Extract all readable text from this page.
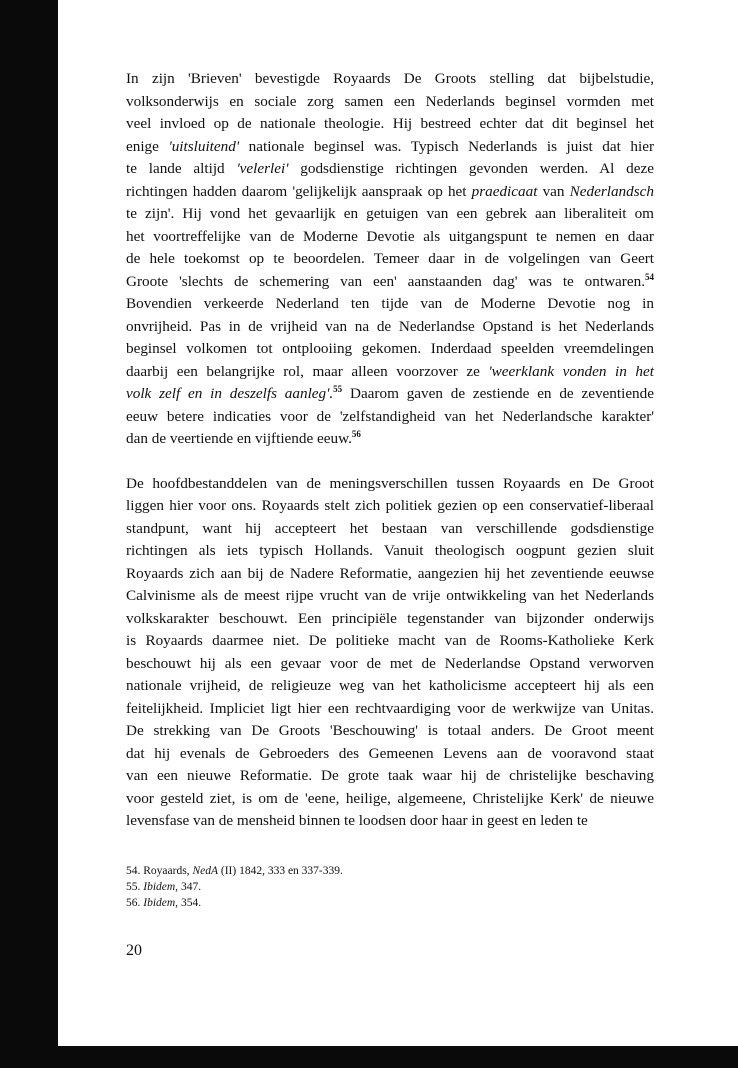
In zijn 'Brieven' bevestigde Royaards De Groots stelling dat bijbelstudie,
volksonderwijs en sociale zorg samen een Nederlands beginsel vormden met
veel invloed op de nationale theologie. Hij bestreed echter dat dit beginsel het
enige 'uitsluitend' nationale beginsel was. Typisch Nederlands is juist dat hier
te lande altijd 'velerlei' godsdienstige richtingen gevonden werden. Al deze
richtingen hadden daarom 'gelijkelijk aanspraak op het praedicaat van Nederlandsch
te zijn'. Hij vond het gevaarlijk en getuigen van een gebrek aan liberaliteit om
het voortreffelijke van de Moderne Devotie als uitgangspunt te nemen en daar
de hele toekomst op te beoordelen. Temeer daar in de volgelingen van Geert
Groote 'slechts de schemering van een' aanstaanden dag' was te ontwaren.$^{54}$
Bovendien verkeerde Nederland ten tijde van de Moderne Devotie nog in
onvrijheid. Pas in de vrijheid van na de Nederlandse Opstand is het Nederlands
beginsel volkomen tot ontplooiing gekomen. Inderdaad speelden vreemdelingen
daarbij een belangrijke rol, maar alleen voorzover ze 'weerklank vonden in het
volk zelf en in deszelfs aanleg'.$^{55}$ Daarom gaven de zestiende en de zeventiende
eeuw betere indicaties voor de 'zelfstandigheid van het Nederlandsche karakter'
dan de veertiende en vijftiende eeuw.$^{56}$

De hoofdbestanddelen van de meningsverschillen tussen Royaards en De Groot
liggen hier voor ons. Royaards stelt zich politiek gezien op een conservatief-liberaal
standpunt, want hij accepteert het bestaan van verschillende godsdienstige
richtingen als iets typisch Hollands. Vanuit theologisch oogpunt gezien sluit
Royaards zich aan bij de Nadere Reformatie, aangezien hij het zeventiende eeuwse
Calvinisme als de meest rijpe vrucht van de vrije ontwikkeling van het Nederlands
volkskarakter beschouwt. Een principiële tegenstander van bijzonder onderwijs
is Royaards daarmee niet. De politieke macht van de Rooms-Katholieke Kerk
beschouwt hij als een gevaar voor de met de Nederlandse Opstand verworven
nationale vrijheid, de religieuze weg van het katholicisme accepteert hij als een
feitelijkheid. Impliciet ligt hier een rechtvaardiging voor de werkwijze van Unitas.
De strekking van De Groots 'Beschouwing' is totaal anders. De Groot meent
dat hij evenals de Gebroeders des Gemeenen Levens aan de vooravond staat
van een nieuwe Reformatie. De grote taak waar hij de christelijke beschaving
voor gesteld ziet, is om de 'eene, heilige, algemeene, Christelijke Kerk' de nieuwe
levensfase van de mensheid binnen te loodsen door haar in geest en leden te

54. Royaards, NedA (II) 1842, 333 en 337-339.
55. Ibidem, 347.
56. Ibidem, 354.
20
